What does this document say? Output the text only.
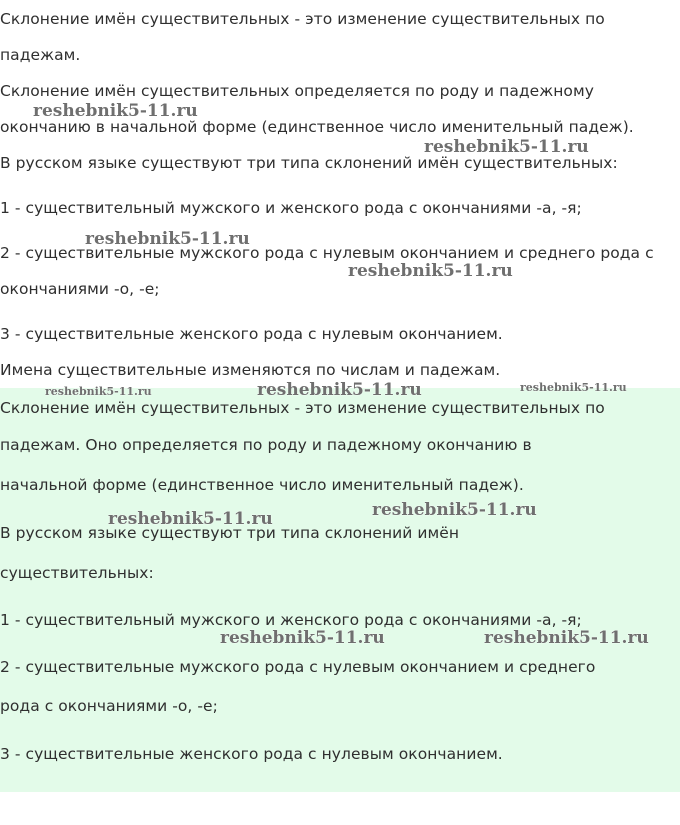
Склонение имён существительных - это изменение существительных по
падежам.
Склонение имён существительных определяется по роду и падежному
окончанию в начальной форме (единственное число именительный падеж).
В русском языке существуют три типа склонений имён существительных:
1 - существительный мужского и женского рода с окончаниями -а, -я;
2 - существительные мужского рода с нулевым окончанием и среднего рода с
окончаниями -о, -е;
3 - существительные женского рода с нулевым окончанием.
Имена существительные изменяются по числам и падежам.
Склонение имён существительных - это изменение существительных по
падежам. Оно определяется по роду и падежному окончанию в
начальной форме (единственное число именительный падеж).
В русском языке существуют три типа склонений имён
существительных:
1 - существительный мужского и женского рода с окончаниями -а, -я;
2 - существительные мужского рода с нулевым окончанием и среднего
рода с окончаниями -о, -е;
3 - существительные женского рода с нулевым окончанием.
reshebnik5-11.ru
reshebnik5-11.ru
reshebnik5-11.ru
reshebnik5-11.ru
reshebnik5-11.ru	reshebnik5-11.ru	reshebnik5-11.ru
reshebnik5-11.ru
reshebnik5-11.ru
reshebnik5-11.ru	reshebnik5-11.ru
